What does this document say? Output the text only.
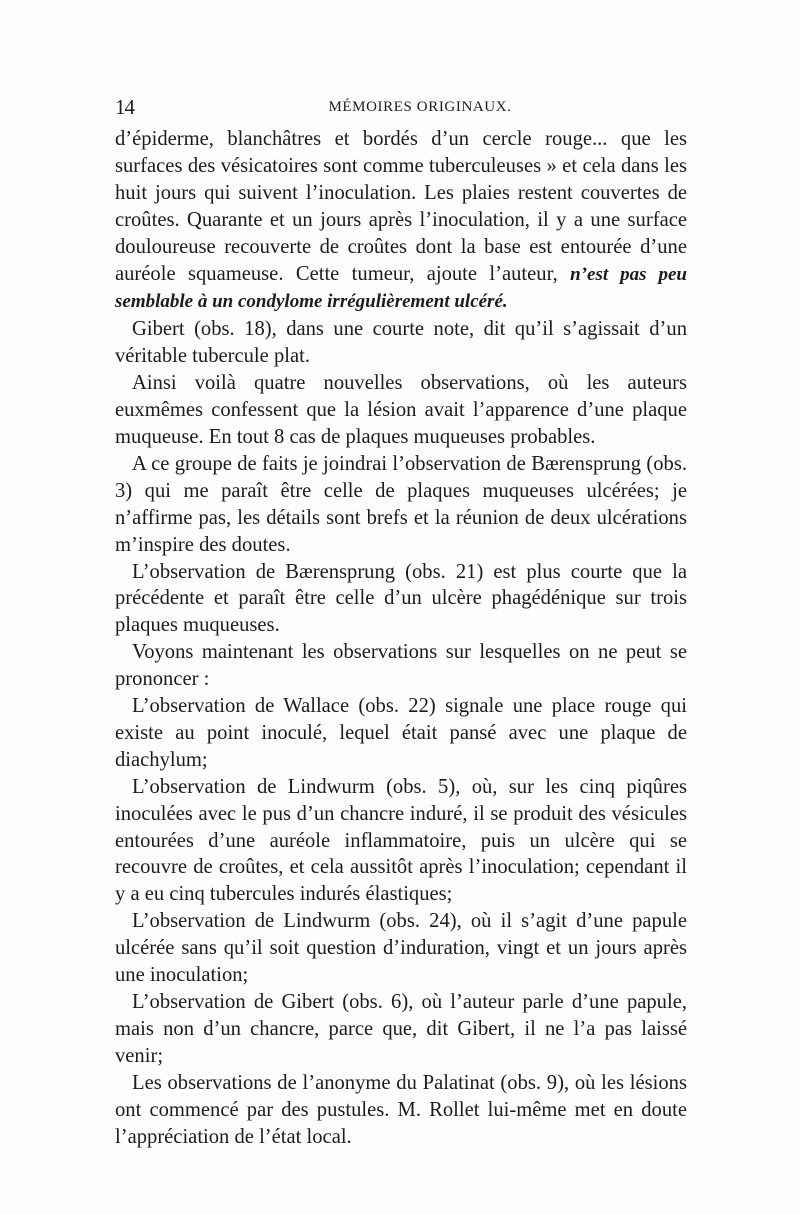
14	MÉMOIRES ORIGINAUX.

d’épiderme, blanchâtres et bordés d’un cercle rouge... que les surfaces des vésicatoires sont comme tuberculeuses » et cela dans les huit jours qui suivent l’inoculation. Les plaies restent couvertes de croûtes. Quarante et un jours après l’inoculation, il y a une surface douloureuse recouverte de croûtes dont la base est entourée d’une auréole squameuse. Cette tumeur, ajoute l’auteur, n’est pas peu semblable à un condylome irrégulièrement ulcéré.

Gibert (obs. 18), dans une courte note, dit qu’il s’agissait d’un véritable tubercule plat.

Ainsi voilà quatre nouvelles observations, où les auteurs euxmêmes confessent que la lésion avait l’apparence d’une plaque muqueuse. En tout 8 cas de plaques muqueuses probables.

A ce groupe de faits je joindrai l’observation de Bærensprung (obs. 3) qui me paraît être celle de plaques muqueuses ulcérées; je n’affirme pas, les détails sont brefs et la réunion de deux ulcérations m’inspire des doutes.

L’observation de Bærensprung (obs. 21) est plus courte que la précédente et paraît être celle d’un ulcère phagédénique sur trois plaques muqueuses.

Voyons maintenant les observations sur lesquelles on ne peut se prononcer :

L’observation de Wallace (obs. 22) signale une place rouge qui existe au point inoculé, lequel était pansé avec une plaque de diachylum;

L’observation de Lindwurm (obs. 5), où, sur les cinq piqûres inoculées avec le pus d’un chancre induré, il se produit des vésicules entourées d’une auréole inflammatoire, puis un ulcère qui se recouvre de croûtes, et cela aussitôt après l’inoculation; cependant il y a eu cinq tubercules indurés élastiques;

L’observation de Lindwurm (obs. 24), où il s’agit d’une papule ulcérée sans qu’il soit question d’induration, vingt et un jours après une inoculation;

L’observation de Gibert (obs. 6), où l’auteur parle d’une papule, mais non d’un chancre, parce que, dit Gibert, il ne l’a pas laissé venir;

Les observations de l’anonyme du Palatinat (obs. 9), où les lésions ont commencé par des pustules. M. Rollet lui-même met en doute l’appréciation de l’état local.
